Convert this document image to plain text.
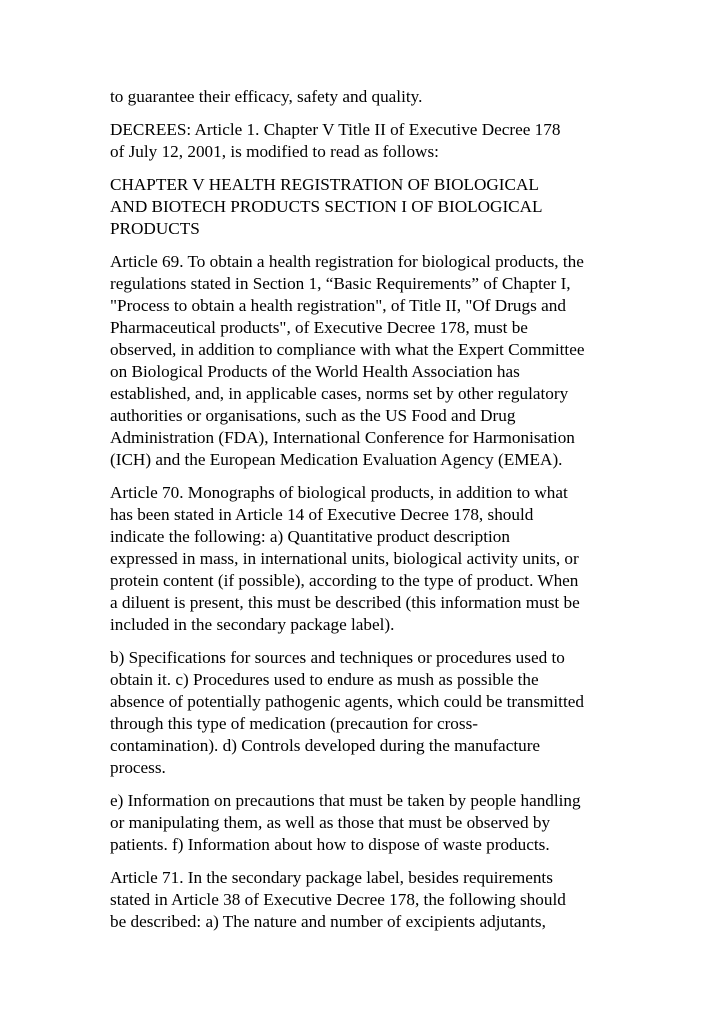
to guarantee their efficacy, safety and quality.

DECREES: Article 1. Chapter V Title II of Executive Decree 178
of July 12, 2001, is modified to read as follows:

CHAPTER V HEALTH REGISTRATION OF BIOLOGICAL
AND BIOTECH PRODUCTS SECTION I OF BIOLOGICAL
PRODUCTS

Article 69. To obtain a health registration for biological products, the
regulations stated in Section 1, “Basic Requirements” of Chapter I,
"Process to obtain a health registration", of Title II, "Of Drugs and
Pharmaceutical products", of Executive Decree 178, must be
observed, in addition to compliance with what the Expert Committee
on Biological Products of the World Health Association has
established, and, in applicable cases, norms set by other regulatory
authorities or organisations, such as the US Food and Drug
Administration (FDA), International Conference for Harmonisation
(ICH) and the European Medication Evaluation Agency (EMEA).

Article 70. Monographs of biological products, in addition to what
has been stated in Article 14 of Executive Decree 178, should
indicate the following: a) Quantitative product description
expressed in mass, in international units, biological activity units, or
protein content (if possible), according to the type of product. When
a diluent is present, this must be described (this information must be
included in the secondary package label).

b) Specifications for sources and techniques or procedures used to
obtain it. c) Procedures used to endure as mush as possible the
absence of potentially pathogenic agents, which could be transmitted
through this type of medication (precaution for cross-
contamination). d) Controls developed during the manufacture
process.

e) Information on precautions that must be taken by people handling
or manipulating them, as well as those that must be observed by
patients. f) Information about how to dispose of waste products.

Article 71. In the secondary package label, besides requirements
stated in Article 38 of Executive Decree 178, the following should
be described: a) The nature and number of excipients adjutants,
